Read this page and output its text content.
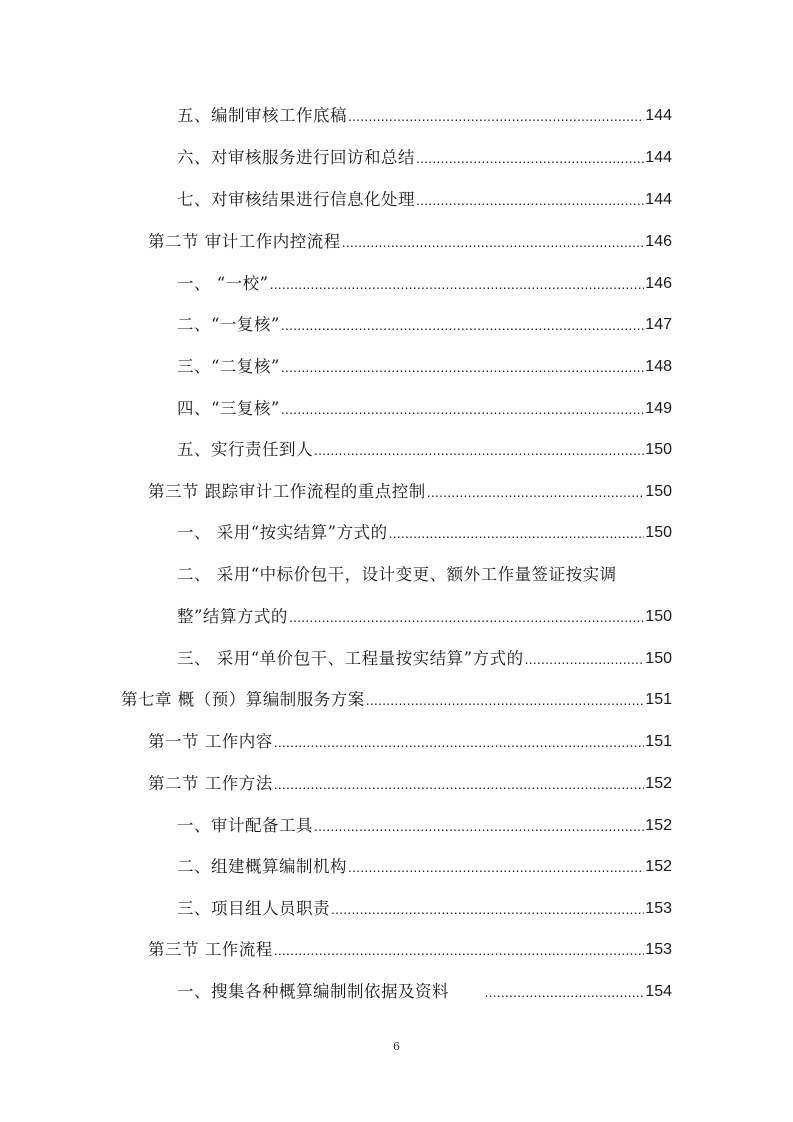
五、编制审核工作底稿 .....	144
六、对审核服务进行回访和总结 .....	144
七、对审核结果进行信息化处理 .....	144
第二节 审计工作内控流程 .....	146
一、 “一校” .....	146
二、“一复核” .....	147
三、“二复核” .....	148
四、“三复核” .....	149
五、实行责任到人 .....	150
第三节 跟踪审计工作流程的重点控制 .....	150
一、 采用“按实结算”方式的 .....	150
二、 采用“中标价包干，设计变更、额外工作量签证按实调
整”结算方式的 .....	150
三、 采用“单价包干、工程量按实结算”方式的 .....	150
第七章 概（预）算编制服务方案 .....	151
第一节 工作内容 .....	151
第二节 工作方法 .....	152
一、审计配备工具 .....	152
二、组建概算编制机构 .....	152
三、项目组人员职责 .....	153
第三节 工作流程 .....	153
一、搜集各种概算编制制依据及资料 .....	154
6
